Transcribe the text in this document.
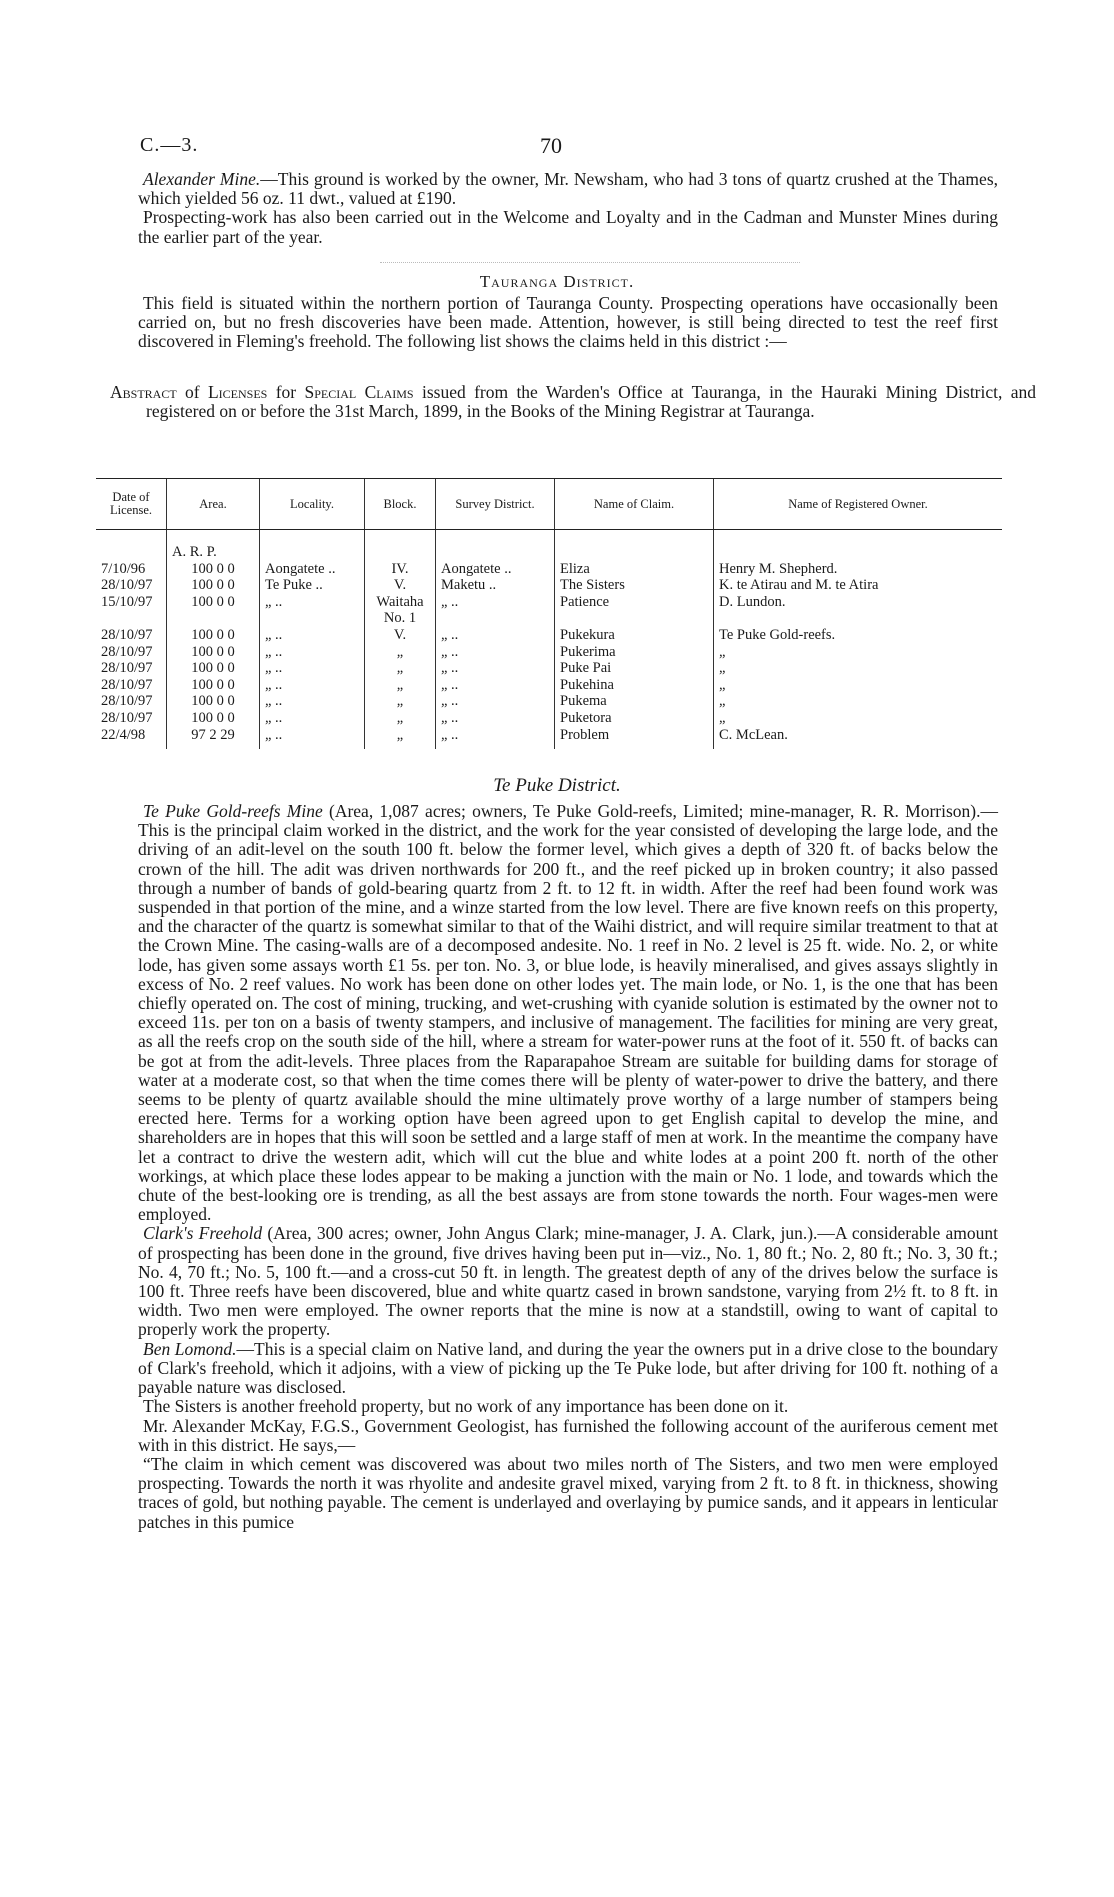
C.—3.	70

Alexander Mine.—This ground is worked by the owner, Mr. Newsham, who had 3 tons of quartz crushed at the Thames, which yielded 56 oz. 11 dwt., valued at £190.

Prospecting-work has also been carried out in the Welcome and Loyalty and in the Cadman and Munster Mines during the earlier part of the year.

Tauranga District.

This field is situated within the northern portion of Tauranga County. Prospecting operations have occasionally been carried on, but no fresh discoveries have been made. Attention, however, is still being directed to test the reef first discovered in Fleming's freehold. The following list shows the claims held in this district :—

Abstract of Licenses for Special Claims issued from the Warden's Office at Tauranga, in the Hauraki Mining District, and registered on or before the 31st March, 1899, in the Books of the Mining Registrar at Tauranga.
Date of License.	Area.	Locality.	Block.	Survey District.	Name of Claim.	Name of Registered Owner.
	A. R. P.					
7/10/96	100 0 0	Aongatete ..	IV.	Aongatete ..	Eliza	Henry M. Shepherd.
28/10/97	100 0 0	Te Puke ..	V.	Maketu ..	The Sisters	K. te Atirau and M. te Atira
15/10/97	100 0 0	„ ..	Waitaha No. 1	„ ..	Patience	D. Lundon.
28/10/97	100 0 0	„ ..	V.	„ ..	Pukekura	Te Puke Gold-reefs.
28/10/97	100 0 0	„ ..	„	„ ..	Pukerima	„
28/10/97	100 0 0	„ ..	„	„ ..	Puke Pai	„
28/10/97	100 0 0	„ ..	„	„ ..	Pukehina	„
28/10/97	100 0 0	„ ..	„	„ ..	Pukema	„
28/10/97	100 0 0	„ ..	„	„ ..	Puketora	„
22/4/98	97 2 29	„ ..	„	„ ..	Problem	C. McLean.
Te Puke District.

Te Puke Gold-reefs Mine (Area, 1,087 acres; owners, Te Puke Gold-reefs, Limited; mine-manager, R. R. Morrison).—This is the principal claim worked in the district, and the work for the year consisted of developing the large lode, and the driving of an adit-level on the south 100 ft. below the former level, which gives a depth of 320 ft. of backs below the crown of the hill. The adit was driven northwards for 200 ft., and the reef picked up in broken country; it also passed through a number of bands of gold-bearing quartz from 2 ft. to 12 ft. in width. After the reef had been found work was suspended in that portion of the mine, and a winze started from the low level. There are five known reefs on this property, and the character of the quartz is somewhat similar to that of the Waihi district, and will require similar treatment to that at the Crown Mine. The casing-walls are of a decomposed andesite. No. 1 reef in No. 2 level is 25 ft. wide. No. 2, or white lode, has given some assays worth £1 5s. per ton. No. 3, or blue lode, is heavily mineralised, and gives assays slightly in excess of No. 2 reef values. No work has been done on other lodes yet. The main lode, or No. 1, is the one that has been chiefly operated on. The cost of mining, trucking, and wet-crushing with cyanide solution is estimated by the owner not to exceed 11s. per ton on a basis of twenty stampers, and inclusive of management. The facilities for mining are very great, as all the reefs crop on the south side of the hill, where a stream for water-power runs at the foot of it. 550 ft. of backs can be got at from the adit-levels. Three places from the Raparapahoe Stream are suitable for building dams for storage of water at a moderate cost, so that when the time comes there will be plenty of water-power to drive the battery, and there seems to be plenty of quartz available should the mine ultimately prove worthy of a large number of stampers being erected here. Terms for a working option have been agreed upon to get English capital to develop the mine, and shareholders are in hopes that this will soon be settled and a large staff of men at work. In the meantime the company have let a contract to drive the western adit, which will cut the blue and white lodes at a point 200 ft. north of the other workings, at which place these lodes appear to be making a junction with the main or No. 1 lode, and towards which the chute of the best-looking ore is trending, as all the best assays are from stone towards the north. Four wages-men were employed.

Clark's Freehold (Area, 300 acres; owner, John Angus Clark; mine-manager, J. A. Clark, jun.).—A considerable amount of prospecting has been done in the ground, five drives having been put in—viz., No. 1, 80 ft.; No. 2, 80 ft.; No. 3, 30 ft.; No. 4, 70 ft.; No. 5, 100 ft.—and a cross-cut 50 ft. in length. The greatest depth of any of the drives below the surface is 100 ft. Three reefs have been discovered, blue and white quartz cased in brown sandstone, varying from 2½ ft. to 8 ft. in width. Two men were employed. The owner reports that the mine is now at a standstill, owing to want of capital to properly work the property.

Ben Lomond.—This is a special claim on Native land, and during the year the owners put in a drive close to the boundary of Clark's freehold, which it adjoins, with a view of picking up the Te Puke lode, but after driving for 100 ft. nothing of a payable nature was disclosed.

The Sisters is another freehold property, but no work of any importance has been done on it.

Mr. Alexander McKay, F.G.S., Government Geologist, has furnished the following account of the auriferous cement met with in this district. He says,—

“The claim in which cement was discovered was about two miles north of The Sisters, and two men were employed prospecting. Towards the north it was rhyolite and andesite gravel mixed, varying from 2 ft. to 8 ft. in thickness, showing traces of gold, but nothing payable. The cement is underlayed and overlaying by pumice sands, and it appears in lenticular patches in this pumice
